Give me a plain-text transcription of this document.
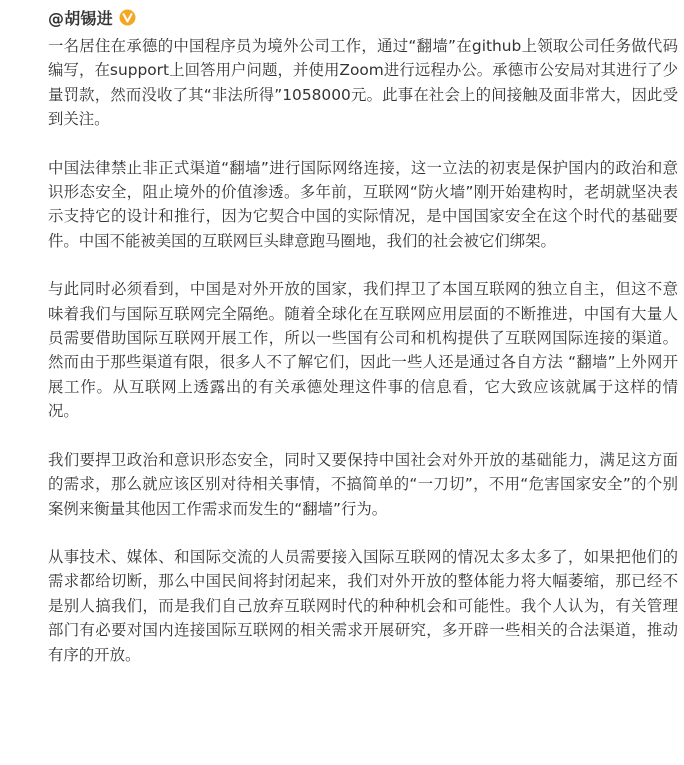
@胡锡进

一名居住在承德的中国程序员为境外公司工作，通过“翻墙”在github上领取公司任务做代码编写，在support上回答用户问题，并使用Zoom进行远程办公。承德市公安局对其进行了少量罚款，然而没收了其“非法所得”1058000元。此事在社会上的间接触及面非常大，因此受到关注。

中国法律禁止非正式渠道“翻墙”进行国际网络连接，这一立法的初衷是保护国内的政治和意识形态安全，阻止境外的价值渗透。多年前，互联网“防火墙”刚开始建构时，老胡就坚决表示支持它的设计和推行，因为它契合中国的实际情况，是中国国家安全在这个时代的基础要件。中国不能被美国的互联网巨头肆意跑马圈地，我们的社会被它们绑架。

与此同时必须看到，中国是对外开放的国家，我们捍卫了本国互联网的独立自主，但这不意味着我们与国际互联网完全隔绝。随着全球化在互联网应用层面的不断推进，中国有大量人员需要借助国际互联网开展工作，所以一些国有公司和机构提供了互联网国际连接的渠道。然而由于那些渠道有限，很多人不了解它们，因此一些人还是通过各自方法 “翻墙”上外网开展工作。从互联网上透露出的有关承德处理这件事的信息看，它大致应该就属于这样的情况。

我们要捍卫政治和意识形态安全，同时又要保持中国社会对外开放的基础能力，满足这方面的需求，那么就应该区别对待相关事情，不搞简单的“一刀切”，不用“危害国家安全”的个别案例来衡量其他因工作需求而发生的“翻墙”行为。

从事技术、媒体、和国际交流的人员需要接入国际互联网的情况太多太多了，如果把他们的需求都给切断，那么中国民间将封闭起来，我们对外开放的整体能力将大幅萎缩，那已经不是别人搞我们，而是我们自己放弃互联网时代的种种机会和可能性。我个人认为，有关管理部门有必要对国内连接国际互联网的相关需求开展研究，多开辟一些相关的合法渠道，推动有序的开放。
